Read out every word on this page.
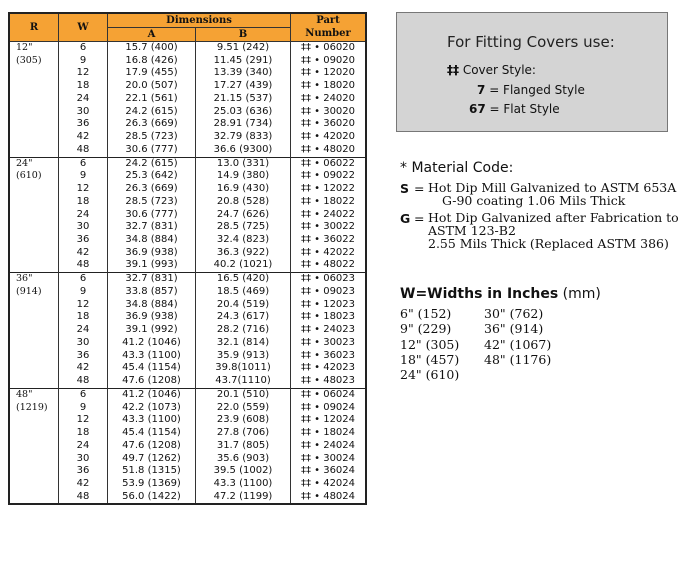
R	W	Dimensions		Part
Number

		A	B	

12"
(305)	6	15.7 (400)	9.51 (242)	‡‡ • 06020
	9	16.8 (426)	11.45 (291)	‡‡ • 09020
	12	17.9 (455)	13.39 (340)	‡‡ • 12020
	18	20.0 (507)	17.27 (439)	‡‡ • 18020
	24	22.1 (561)	21.15 (537)	‡‡ • 24020
	30	24.2 (615)	25.03 (636)	‡‡ • 30020
	36	26.3 (669)	28.91 (734)	‡‡ • 36020
	42	28.5 (723)	32.79 (833)	‡‡ • 42020
	48	30.6 (777)	36.6 (9300)	‡‡ • 48020

24"
(610)	6	24.2 (615)	13.0 (331)	‡‡ • 06022
	9	25.3 (642)	14.9 (380)	‡‡ • 09022
	12	26.3 (669)	16.9 (430)	‡‡ • 12022
	18	28.5 (723)	20.8 (528)	‡‡ • 18022
	24	30.6 (777)	24.7 (626)	‡‡ • 24022
	30	32.7 (831)	28.5 (725)	‡‡ • 30022
	36	34.8 (884)	32.4 (823)	‡‡ • 36022
	42	36.9 (938)	36.3 (922)	‡‡ • 42022
	48	39.1 (993)	40.2 (1021)	‡‡ • 48022

36"
(914)	6	32.7 (831)	16.5 (420)	‡‡ • 06023
	9	33.8 (857)	18.5 (469)	‡‡ • 09023
	12	34.8 (884)	20.4 (519)	‡‡ • 12023
	18	36.9 (938)	24.3 (617)	‡‡ • 18023
	24	39.1 (992)	28.2 (716)	‡‡ • 24023
	30	41.2 (1046)	32.1 (814)	‡‡ • 30023
	36	43.3 (1100)	35.9 (913)	‡‡ • 36023
	42	45.4 (1154)	39.8(1011)	‡‡ • 42023
	48	47.6 (1208)	43.7(1110)	‡‡ • 48023

48"
(1219)	6	41.2 (1046)	20.1 (510)	‡‡ • 06024
	9	42.2 (1073)	22.0 (559)	‡‡ • 09024
	12	43.3 (1100)	23.9 (608)	‡‡ • 12024
	18	45.4 (1154)	27.8 (706)	‡‡ • 18024
	24	47.6 (1208)	31.7 (805)	‡‡ • 24024
	30	49.7 (1262)	35.6 (903)	‡‡ • 30024
	36	51.8 (1315)	39.5 (1002)	‡‡ • 36024
	42	53.9 (1369)	43.3 (1100)	‡‡ • 42024
	48	56.0 (1422)	47.2 (1199)	‡‡ • 48024
For Fitting Covers use:
‡‡ Cover Style:
7 = Flanged Style
67 = Flat Style
* Material Code:
S = Hot Dip Mill Galvanized to ASTM 653A
G-90 coating 1.06 Mils Thick
G = Hot Dip Galvanized after Fabrication to
ASTM 123-B2
2.55 Mils Thick (Replaced ASTM 386)
W=Widths in Inches (mm)
6" (152)	30" (762)
9" (229)	36" (914)
12" (305)	42" (1067)
18" (457)	48" (1176)
24" (610)
